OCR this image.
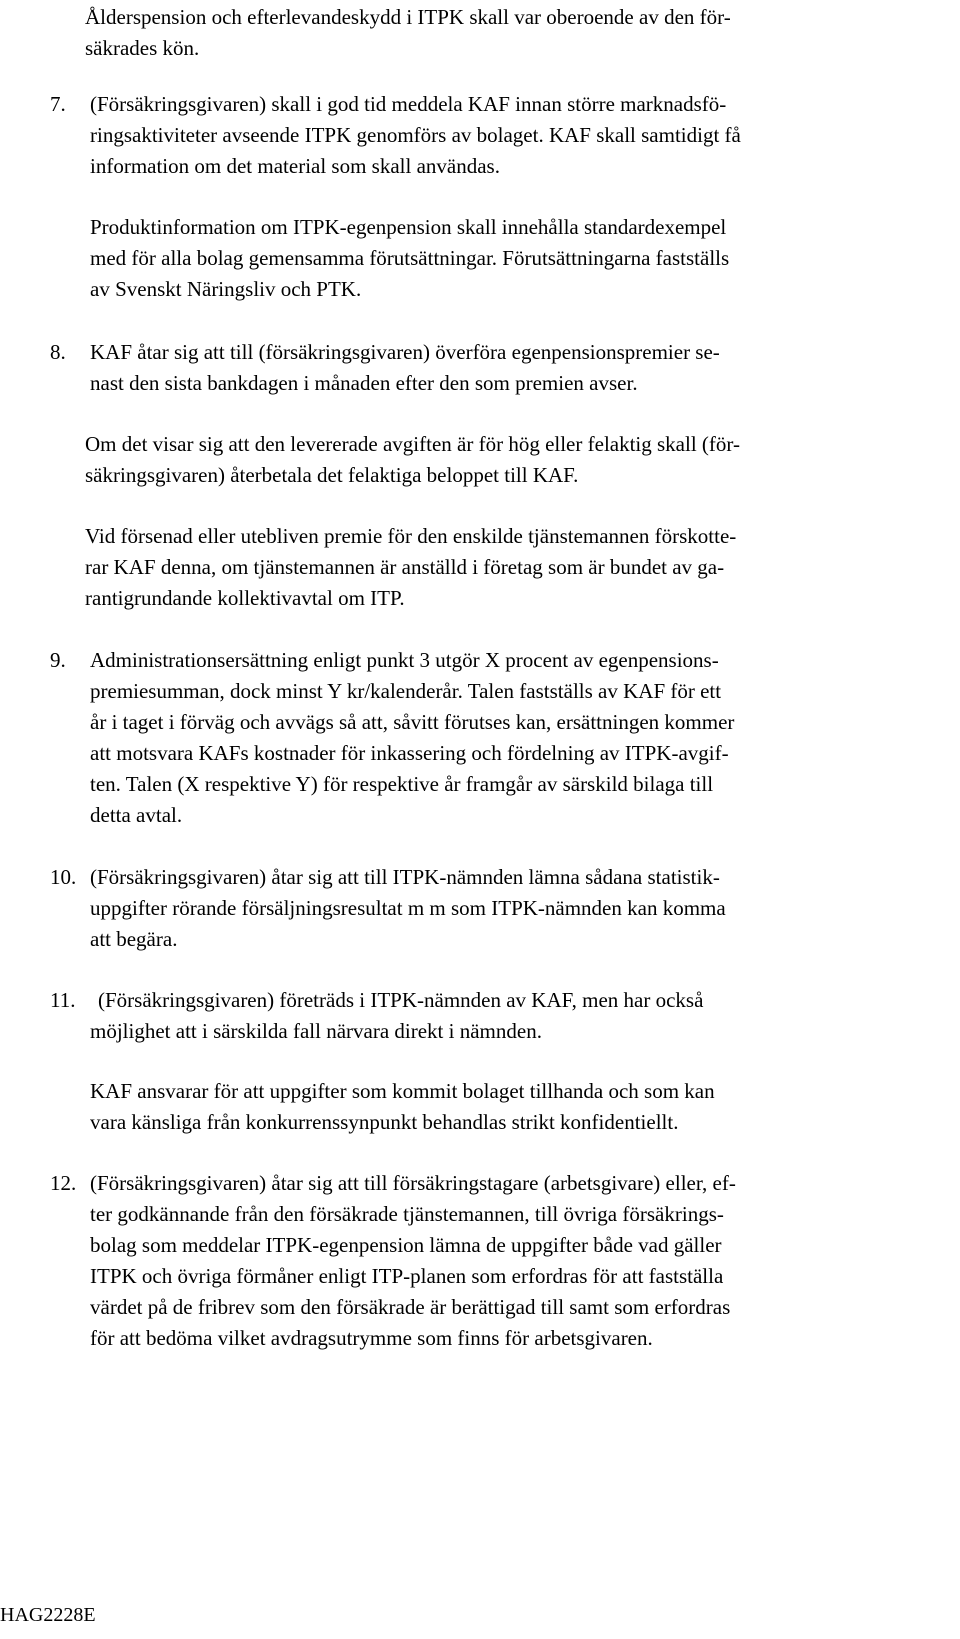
Ålderspension och efterlevandeskydd i ITPK skall var oberoende av den för-
säkrades kön.
7. (Försäkringsgivaren) skall i god tid meddela KAF innan större marknadsfö-
ringsaktiviteter avseende ITPK genomförs av bolaget. KAF skall samtidigt få
information om det material som skall användas.
Produktinformation om ITPK-egenpension skall innehålla standardexempel
med för alla bolag gemensamma förutsättningar. Förutsättningarna fastställs
av Svenskt Näringsliv och PTK.
8. KAF åtar sig att till (försäkringsgivaren) överföra egenpensionspremier se-
nast den sista bankdagen i månaden efter den som premien avser.
Om det visar sig att den levererade avgiften är för hög eller felaktig skall (för-
säkringsgivaren) återbetala det felaktiga beloppet till KAF.
Vid försenad eller utebliven premie för den enskilde tjänstemannen förskotte-
rar KAF denna, om tjänstemannen är anställd i företag som är bundet av ga-
rantigrundande kollektivavtal om ITP.
9. Administrationsersättning enligt punkt 3 utgör X procent av egenpensions-
premiesumman, dock minst Y kr/kalenderår. Talen fastställs av KAF för ett
år i taget i förväg och avvägs så att, såvitt förutses kan, ersättningen kommer
att motsvara KAFs kostnader för inkassering och fördelning av ITPK-avgif-
ten. Talen (X respektive Y) för respektive år framgår av särskild bilaga till
detta avtal.
10. (Försäkringsgivaren) åtar sig att till ITPK-nämnden lämna sådana statistik-
uppgifter rörande försäljningsresultat m m som ITPK-nämnden kan komma
att begära.
11. (Försäkringsgivaren) företräds i ITPK-nämnden av KAF, men har också
möjlighet att i särskilda fall närvara direkt i nämnden.
KAF ansvarar för att uppgifter som kommit bolaget tillhanda och som kan
vara känsliga från konkurrenssynpunkt behandlas strikt konfidentiellt.
12. (Försäkringsgivaren) åtar sig att till försäkringstagare (arbetsgivare) eller, ef-
ter godkännande från den försäkrade tjänstemannen, till övriga försäkrings-
bolag som meddelar ITPK-egenpension lämna de uppgifter både vad gäller
ITPK och övriga förmåner enligt ITP-planen som erfordras för att fastställa
värdet på de fribrev som den försäkrade är berättigad till samt som erfordras
för att bedöma vilket avdragsutrymme som finns för arbetsgivaren.
HAG2228E
